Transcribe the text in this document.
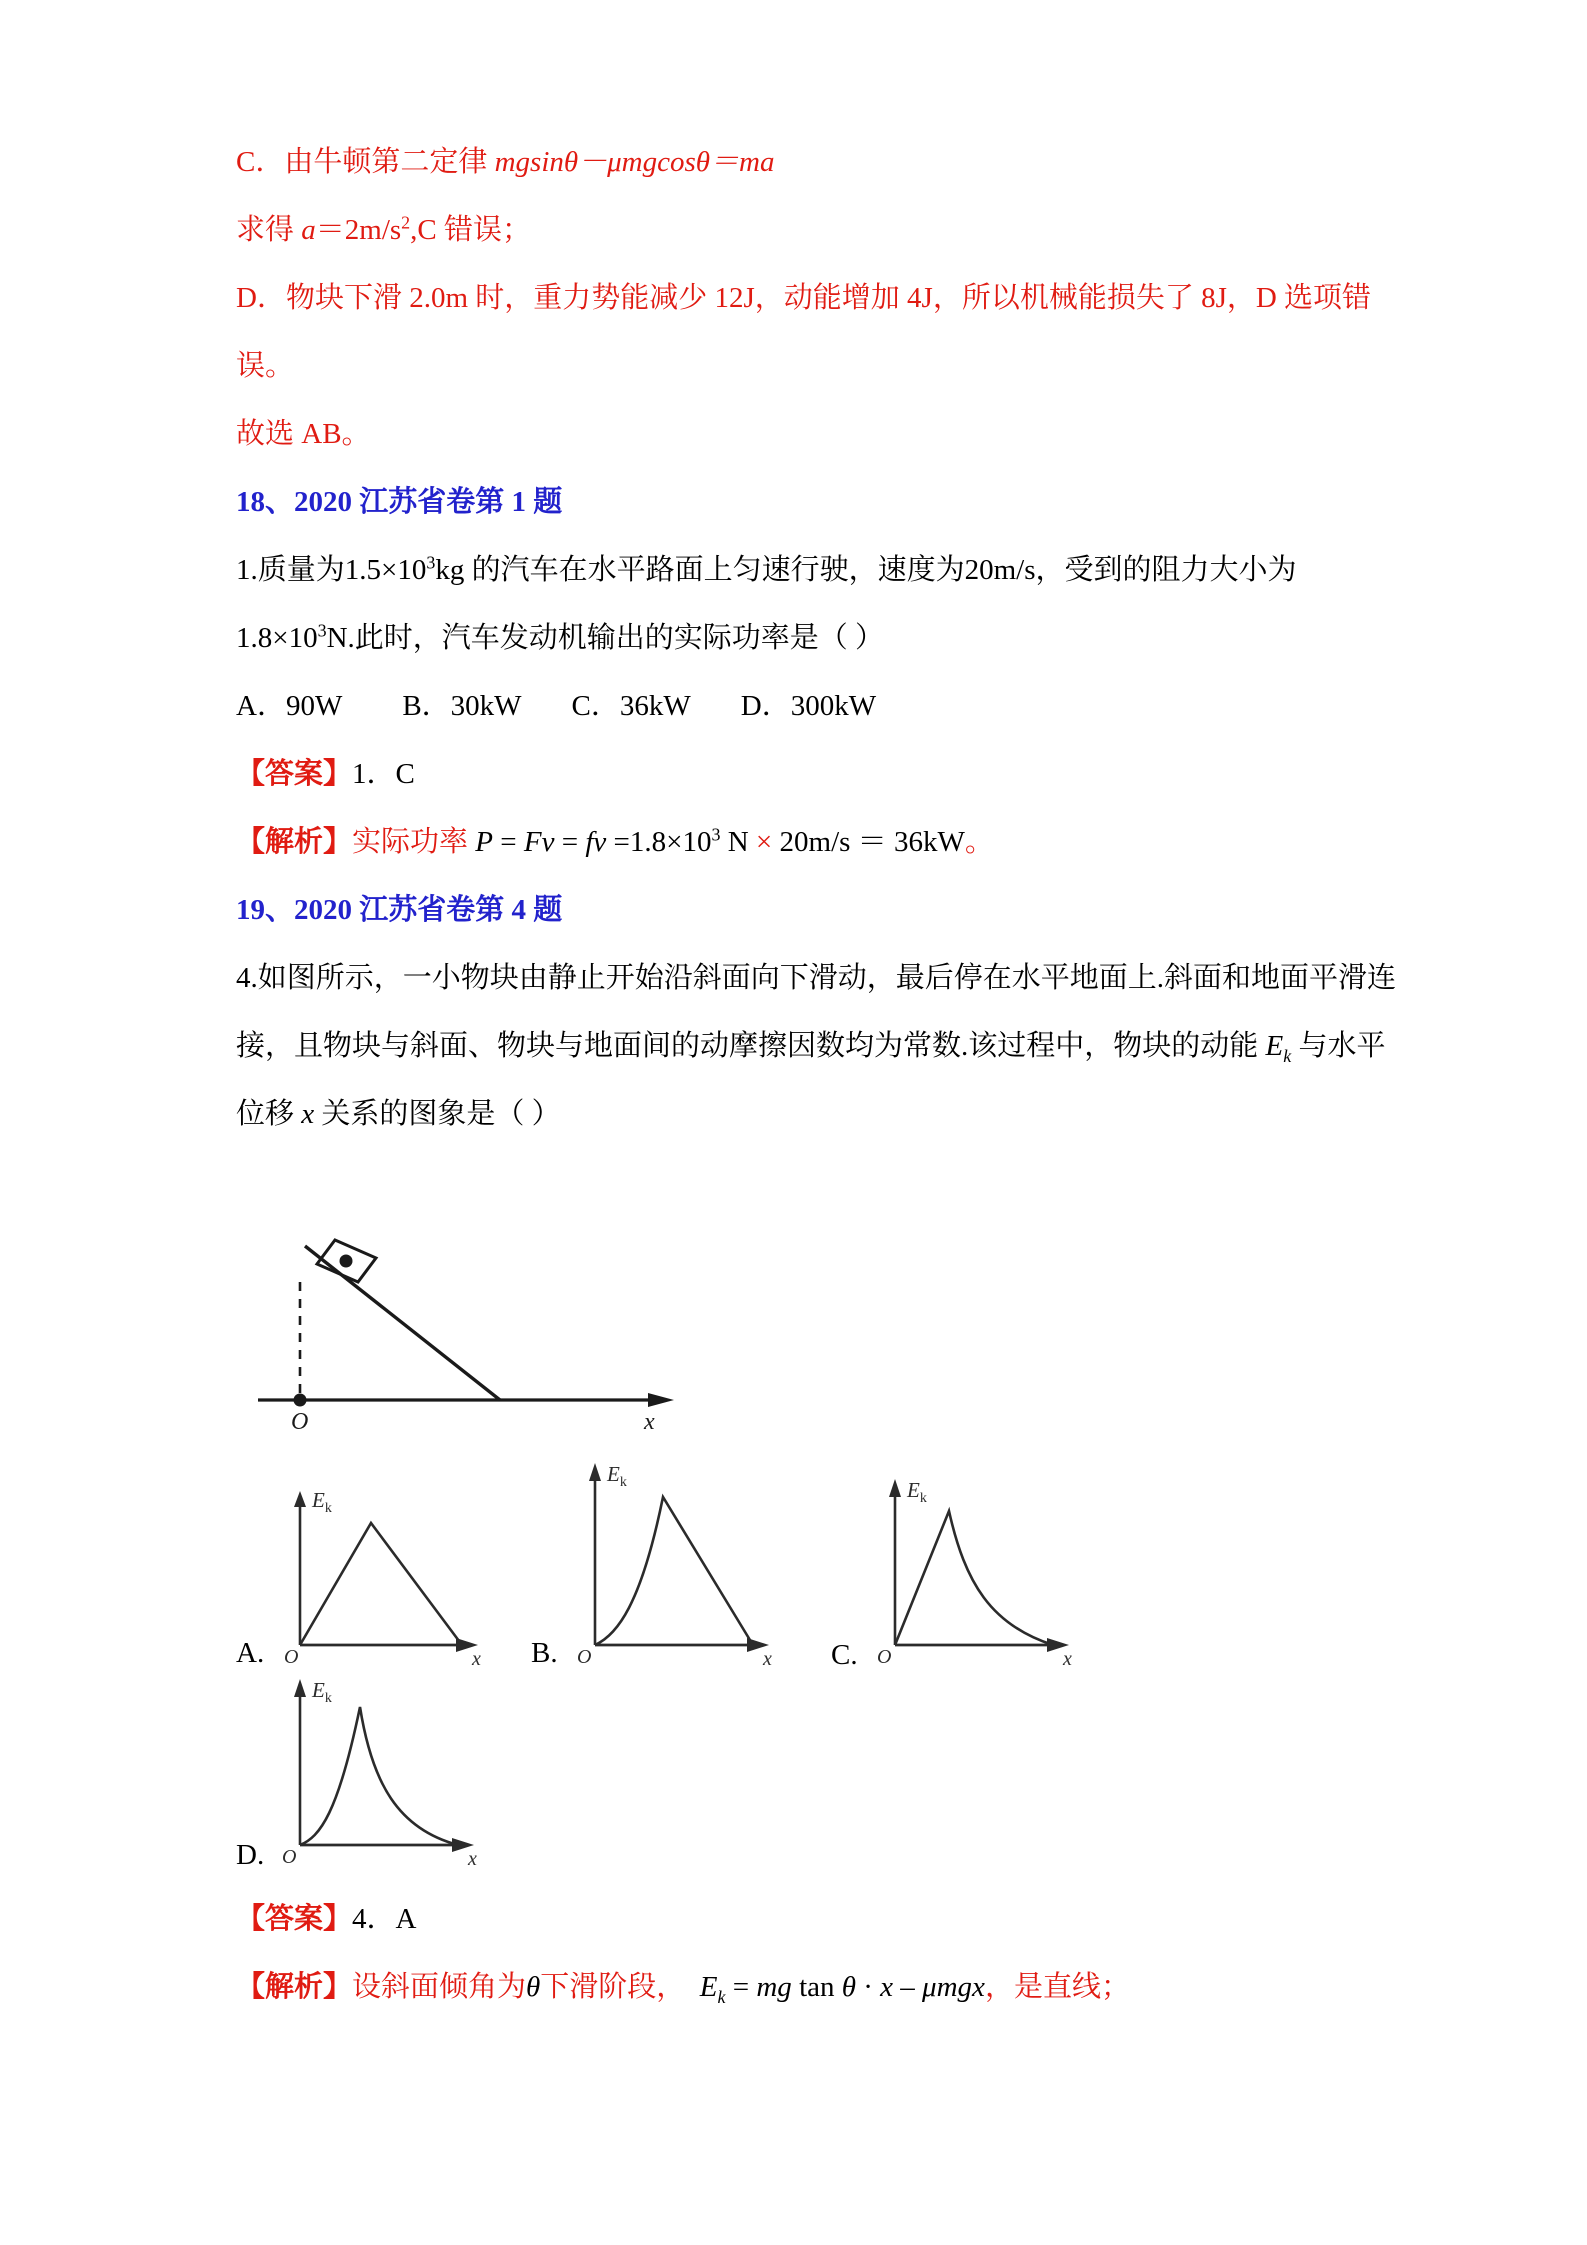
C．由牛顿第二定律 mgsinθ－μmgcosθ＝ma
求得 $a=2m/s^2,C$ 错误；
D．物块下滑 2.0m 时，重力势能减少 12J，动能增加 4J，所以机械能损失了 8J，D 选项错
误。
故选 AB。
18、2020 江苏省卷第 1 题
1.质量为$1.5\times 10^3kg$ 的汽车在水平路面上匀速行驶，速度为20m/s，受到的阻力大小为
$1.8\times 10^3N$.此时，汽车发动机输出的实际功率是（ ）
A．90W B．30kW C．36kW D．300kW
【答案】1．C
【解析】实际功率 P = Fv = fv $=1.8\times 10^3$ N × 20m/s ＝ 36kW。
19、2020 江苏省卷第 4 题
4.如图所示，一小物块由静止开始沿斜面向下滑动，最后停在水平地面上.斜面和地面平滑连
接，且物块与斜面、物块与地面间的动摩擦因数均为常数.该过程中，物块的动能 $E_k$ 与水平
位移 x 关系的图象是（ ）
O	x
A.
$E_k$
O	x B.
$E_k$
O	x C.
$E_k$
O	x
D.
$E_k$
O	x
【答案】4．A
【解析】设斜面倾角为θ下滑阶段，　$E_k$ = mg tan θ · x – μmgx，是直线；
